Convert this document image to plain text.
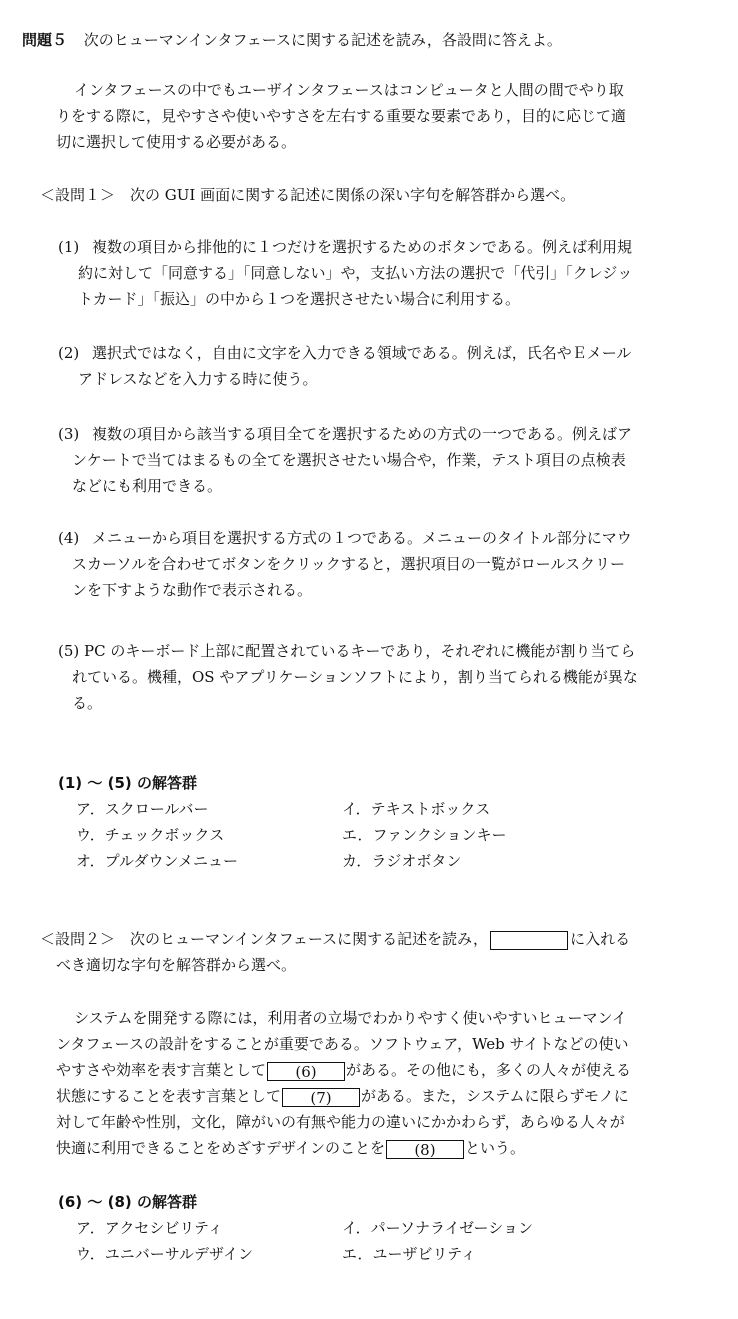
問題５ 次のヒューマンインタフェースに関する記述を読み，各設問に答えよ。
インタフェースの中でもユーザインタフェースはコンピュータと人間の間でやり取
りをする際に，見やすさや使いやすさを左右する重要な要素であり，目的に応じて適
切に選択して使用する必要がある。
＜設問１＞　次の GUI 画面に関する記述に関係の深い字句を解答群から選べ。
(1) 複数の項目から排他的に１つだけを選択するためのボタンである。例えば利用規
約に対して「同意する」「同意しない」や，支払い方法の選択で「代引」「クレジッ
トカード」「振込」の中から１つを選択させたい場合に利用する。
(2) 選択式ではなく，自由に文字を入力できる領域である。例えば，氏名やＥメール
アドレスなどを入力する時に使う。
(3) 複数の項目から該当する項目全てを選択するための方式の一つである。例えばア
ンケートで当てはまるもの全てを選択させたい場合や，作業，テスト項目の点検表
などにも利用できる。
(4) メニューから項目を選択する方式の１つである。メニューのタイトル部分にマウ
スカーソルを合わせてボタンをクリックすると，選択項目の一覧がロールスクリー
ンを下すような動作で表示される。
(5) PC のキーボード上部に配置されているキーであり，それぞれに機能が割り当てら
れている。機種，OS やアプリケーションソフトにより，割り当てられる機能が異な
る。
(1) ～ (5) の解答群
ア．スクロールバー	イ．テキストボックス
ウ．チェックボックス	エ．ファンクションキー
オ．プルダウンメニュー	カ．ラジオボタン
＜設問２＞　次のヒューマンインタフェースに関する記述を読み，	に入れる
べき適切な字句を解答群から選べ。
システムを開発する際には，利用者の立場でわかりやすく使いやすいヒューマンイ
ンタフェースの設計をすることが重要である。ソフトウェア，Web サイトなどの使い
やすさや効率を表す言葉として (6) がある。その他にも，多くの人々が使える
状態にすることを表す言葉として (7) がある。また，システムに限らずモノに
対して年齢や性別，文化，障がいの有無や能力の違いにかかわらず，あらゆる人々が
快適に利用できることをめざすデザインのことを (8) という。
(6) ～ (8) の解答群
ア．アクセシビリティ	イ．パーソナライゼーション
ウ．ユニバーサルデザイン	エ．ユーザビリティ
